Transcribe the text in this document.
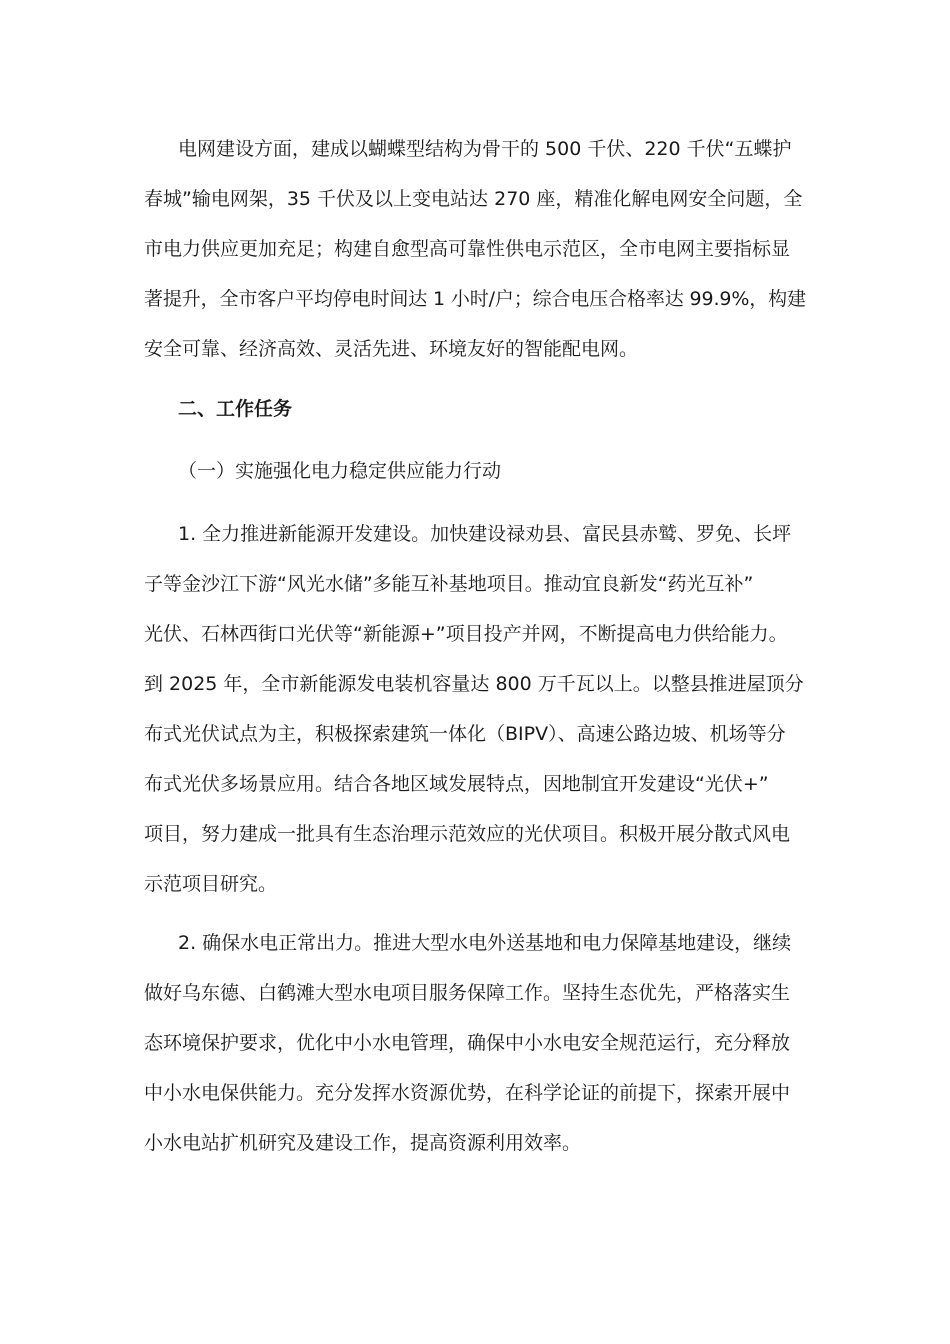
电网建设方面，建成以蝴蝶型结构为骨干的 500 千伏、220 千伏“五蝶护
春城”输电网架，35 千伏及以上变电站达 270 座，精准化解电网安全问题，全
市电力供应更加充足；构建自愈型高可靠性供电示范区，全市电网主要指标显
著提升，全市客户平均停电时间达 1 小时/户；综合电压合格率达 99.9%，构建
安全可靠、经济高效、灵活先进、环境友好的智能配电网。
二、工作任务
（一）实施强化电力稳定供应能力行动
1. 全力推进新能源开发建设。加快建设禄劝县、富民县赤鹫、罗免、长坪
子等金沙江下游“风光水储”多能互补基地项目。推动宜良新发“药光互补”
光伏、石林西街口光伏等“新能源+”项目投产并网，不断提高电力供给能力。
到 2025 年，全市新能源发电装机容量达 800 万千瓦以上。以整县推进屋顶分
布式光伏试点为主，积极探索建筑一体化（BIPV）、高速公路边坡、机场等分
布式光伏多场景应用。结合各地区域发展特点，因地制宜开发建设“光伏+”
项目，努力建成一批具有生态治理示范效应的光伏项目。积极开展分散式风电
示范项目研究。
2. 确保水电正常出力。推进大型水电外送基地和电力保障基地建设，继续
做好乌东德、白鹤滩大型水电项目服务保障工作。坚持生态优先，严格落实生
态环境保护要求，优化中小水电管理，确保中小水电安全规范运行，充分释放
中小水电保供能力。充分发挥水资源优势，在科学论证的前提下，探索开展中
小水电站扩机研究及建设工作，提高资源利用效率。
